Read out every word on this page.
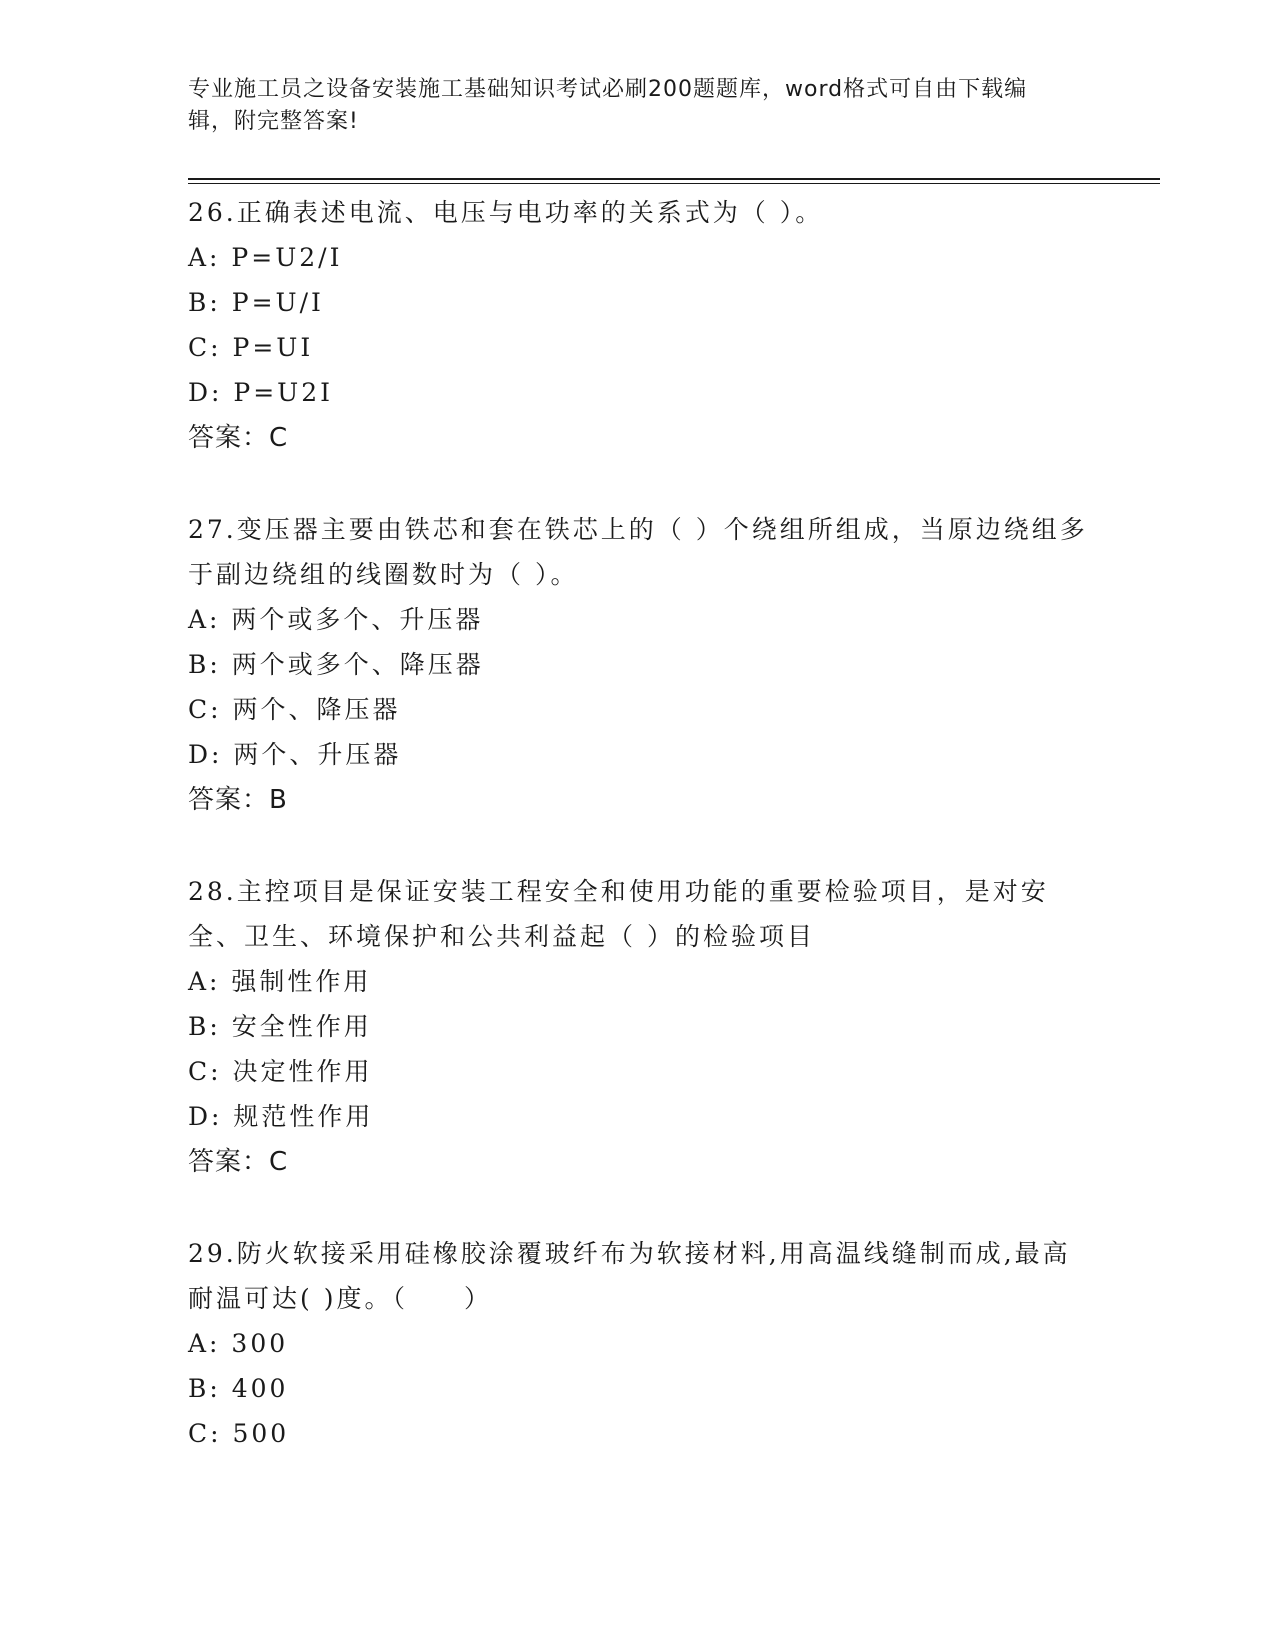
专业施工员之设备安装施工基础知识考试必刷200题题库，word格式可自由下载编辑，附完整答案!
26.正确表述电流、电压与电功率的关系式为（ ）。
A: P=U2/I
B: P=U/I
C: P=UI
D: P=U2I
答案：C
27.变压器主要由铁芯和套在铁芯上的（ ）个绕组所组成，当原边绕组多于副边绕组的线圈数时为（ ）。
A: 两个或多个、升压器
B: 两个或多个、降压器
C: 两个、降压器
D: 两个、升压器
答案：B
28.主控项目是保证安装工程安全和使用功能的重要检验项目，是对安全、卫生、环境保护和公共利益起（ ）的检验项目
A: 强制性作用
B: 安全性作用
C: 决定性作用
D: 规范性作用
答案：C
29.防火软接采用硅橡胶涂覆玻纤布为软接材料,用高温线缝制而成,最高耐温可达( )度。（　　）
A: 300
B: 400
C: 500
